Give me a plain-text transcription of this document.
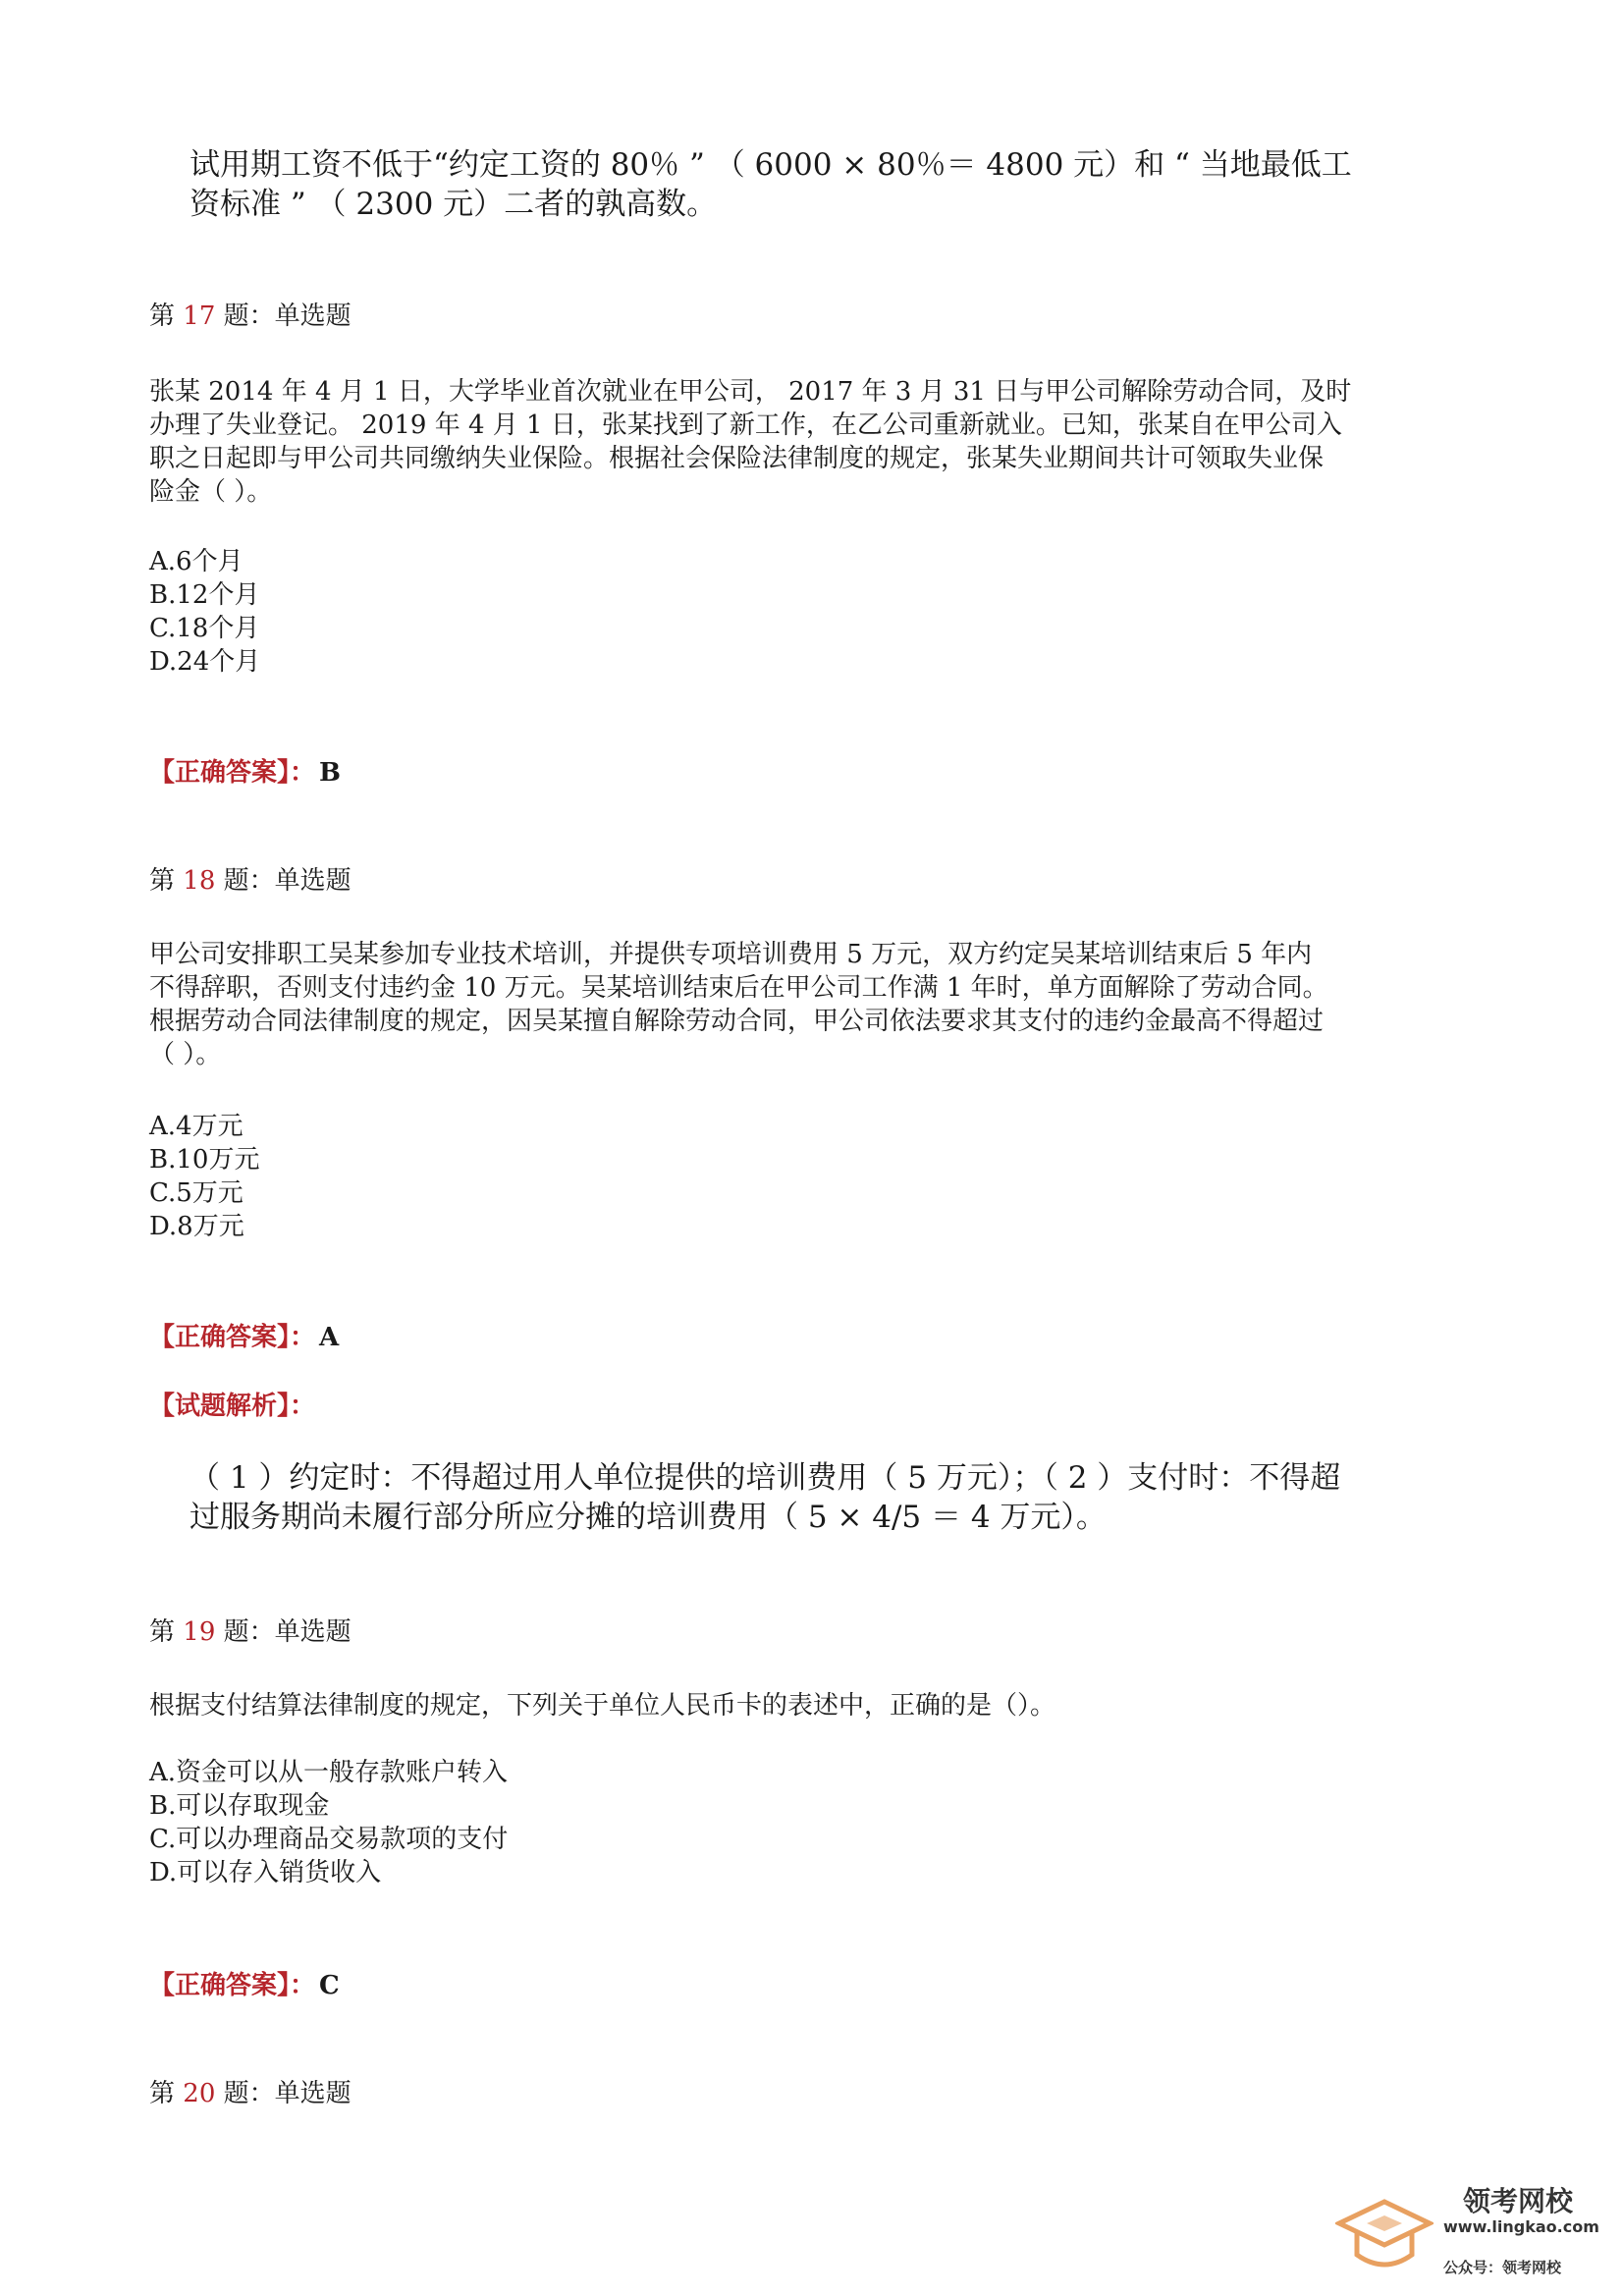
试用期工资不低于“约定工资的 80％ ” （ 6000 × 80％＝ 4800 元）和 “ 当地最低工
资标准 ” （ 2300 元）二者的孰高数。
第 17 题：单选题
张某 2014 年 4 月 1 日，大学毕业首次就业在甲公司， 2017 年 3 月 31 日与甲公司解除劳动合同，及时
办理了失业登记。 2019 年 4 月 1 日，张某找到了新工作，在乙公司重新就业。已知，张某自在甲公司入
职之日起即与甲公司共同缴纳失业保险。根据社会保险法律制度的规定，张某失业期间共计可领取失业保
险金（ ）。
A.6个月
B.12个月
C.18个月
D.24个月
【正确答案】： B
第 18 题：单选题
甲公司安排职工吴某参加专业技术培训，并提供专项培训费用 5 万元，双方约定吴某培训结束后 5 年内
不得辞职，否则支付违约金 10 万元。吴某培训结束后在甲公司工作满 1 年时，单方面解除了劳动合同。
根据劳动合同法律制度的规定，因吴某擅自解除劳动合同，甲公司依法要求其支付的违约金最高不得超过
（ ）。
A.4万元
B.10万元
C.5万元
D.8万元
【正确答案】： A
【试题解析】：
（ 1 ）约定时：不得超过用人单位提供的培训费用（ 5 万元）；（ 2 ）支付时：不得超
过服务期尚未履行部分所应分摊的培训费用（ 5 × 4/5 ＝ 4 万元）。
第 19 题：单选题
根据支付结算法律制度的规定，下列关于单位人民币卡的表述中，正确的是（）。
A.资金可以从一般存款账户转入
B.可以存取现金
C.可以办理商品交易款项的支付
D.可以存入销货收入
【正确答案】： C
第 20 题：单选题
领考网校
www.lingkao.com
公众号：领考网校
